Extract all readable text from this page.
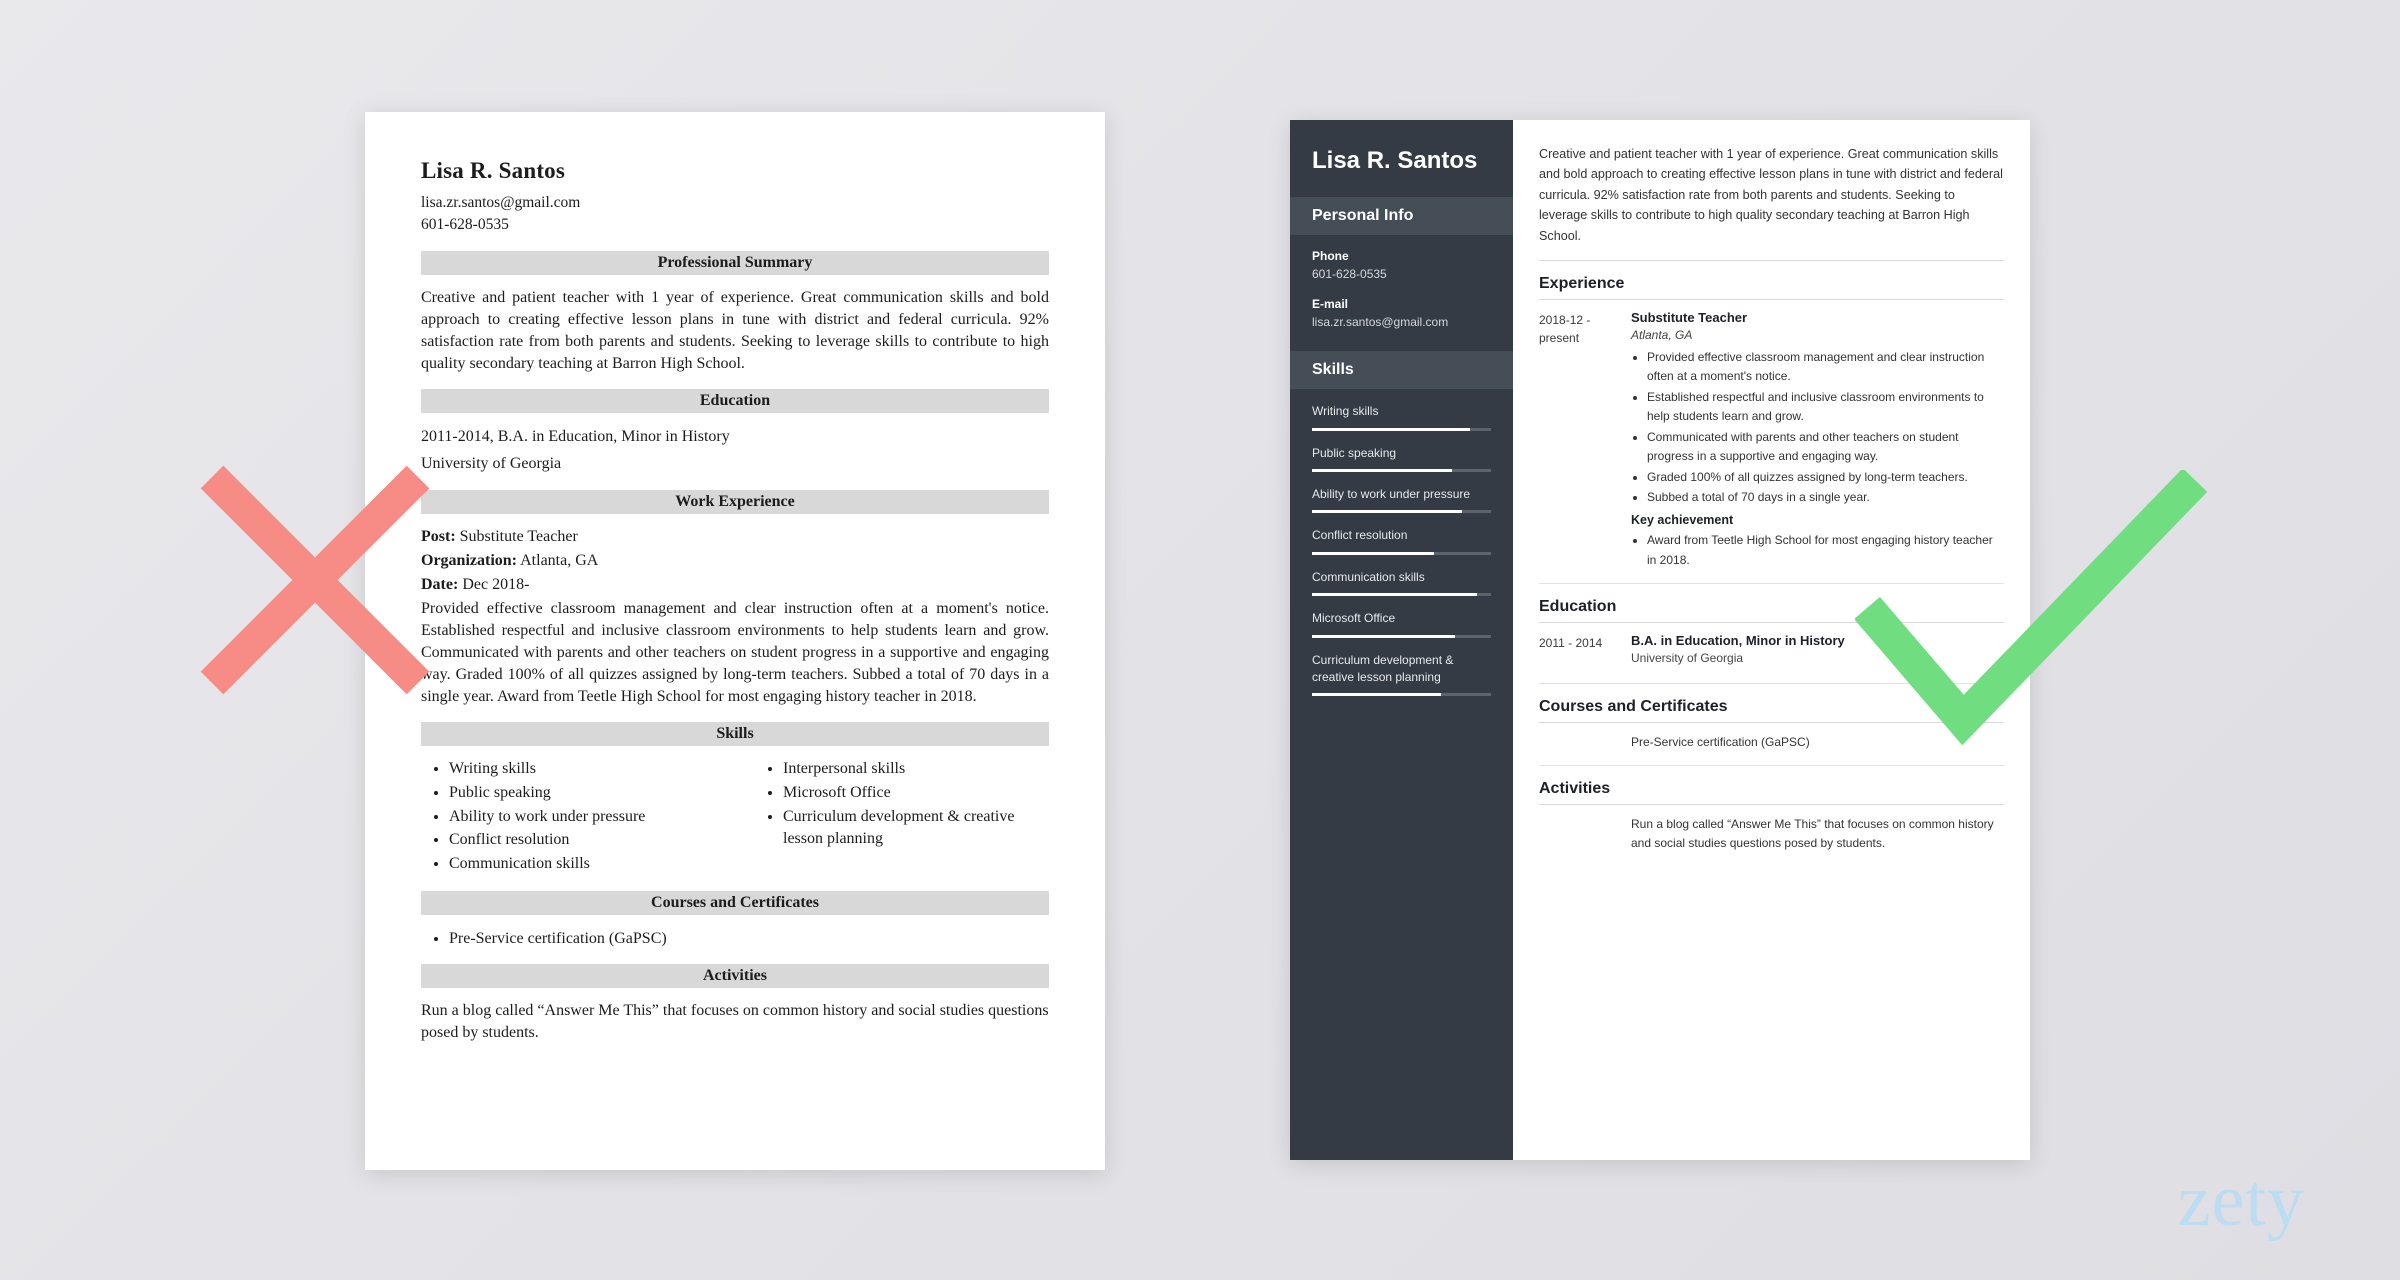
Lisa R. Santos
lisa.zr.santos@gmail.com
601-628-0535
Professional Summary
Creative and patient teacher with 1 year of experience. Great communication skills and bold approach to creating effective lesson plans in tune with district and federal curricula. 92% satisfaction rate from both parents and students. Seeking to leverage skills to contribute to high quality secondary teaching at Barron High School.
Education
2011-2014, B.A. in Education, Minor in History
University of Georgia
Work Experience

Post: Substitute Teacher

Organization: Atlanta, GA

Date: Dec 2018-

Provided effective classroom management and clear instruction often at a moment's notice. Established respectful and inclusive classroom environments to help students learn and grow. Communicated with parents and other teachers on student progress in a supportive and engaging way. Graded 100% of all quizzes assigned by long-term teachers. Subbed a total of 70 days in a single year. Award from Teetle High School for most engaging history teacher in 2018.

Skills
• Writing skills
• Public speaking
• Ability to work under pressure
• Conflict resolution
• Communication skills
• Interpersonal skills
• Microsoft Office
• Curriculum development & creative lesson planning
Courses and Certificates
• Pre-Service certification (GaPSC)
Activities
Run a blog called “Answer Me This” that focuses on common history and social studies questions posed by students.
Lisa R. Santos
Personal Info
Phone
601-628-0535
E-mail
lisa.zr.santos@gmail.com
Skills
Writing skills
Public speaking
Ability to work under pressure
Conflict resolution
Communication skills
Microsoft Office
Curriculum development & creative lesson planning
Creative and patient teacher with 1 year of experience. Great communication skills and bold approach to creating effective lesson plans in tune with district and federal curricula. 92% satisfaction rate from both parents and students. Seeking to leverage skills to contribute to high quality secondary teaching at Barron High School.
Experience
2018-12 - present
Substitute Teacher
Atlanta, GA
• Provided effective classroom management and clear instruction often at a moment's notice.
• Established respectful and inclusive classroom environments to help students learn and grow.
• Communicated with parents and other teachers on student progress in a supportive and engaging way.
• Graded 100% of all quizzes assigned by long-term teachers.
• Subbed a total of 70 days in a single year.
Key achievement
• Award from Teetle High School for most engaging history teacher in 2018.
Education
2011 - 2014	B.A. in Education, Minor in History
University of Georgia
Courses and Certificates
Pre-Service certification (GaPSC)
Activities
Run a blog called “Answer Me This” that focuses on common history and social studies questions posed by students.
zety
